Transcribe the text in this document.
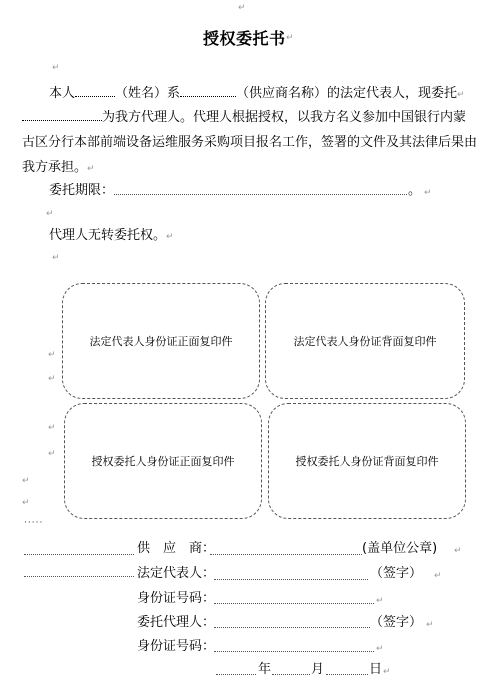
↵
↵
↵
↵
↵
↵
↵
↵
↵
↵
授权委托书 ↵
本人	（姓名）系	（供应商名称）的法定代表人，现委托↵
为我方代理人。代理人根据授权，以我方名义参加中国银行内蒙
古区分行本部前端设备运维服务采购项目报名工作，签署的文件及其法律后果由
我方承担。↵
委托期限：	。 ↵
代理人无转委托权。↵
法定代表人身份证正面复印件	法定代表人身份证背面复印件
授权委托人身份证正面复印件	授权委托人身份证背面复印件
·····
供　应　商：	(盖单位公章) ↵
法定代表人：	（签字） ↵
身份证号码：	↵
委托代理人：	（签字） ↵
身份证号码：	↵
年	月	日 ↵
